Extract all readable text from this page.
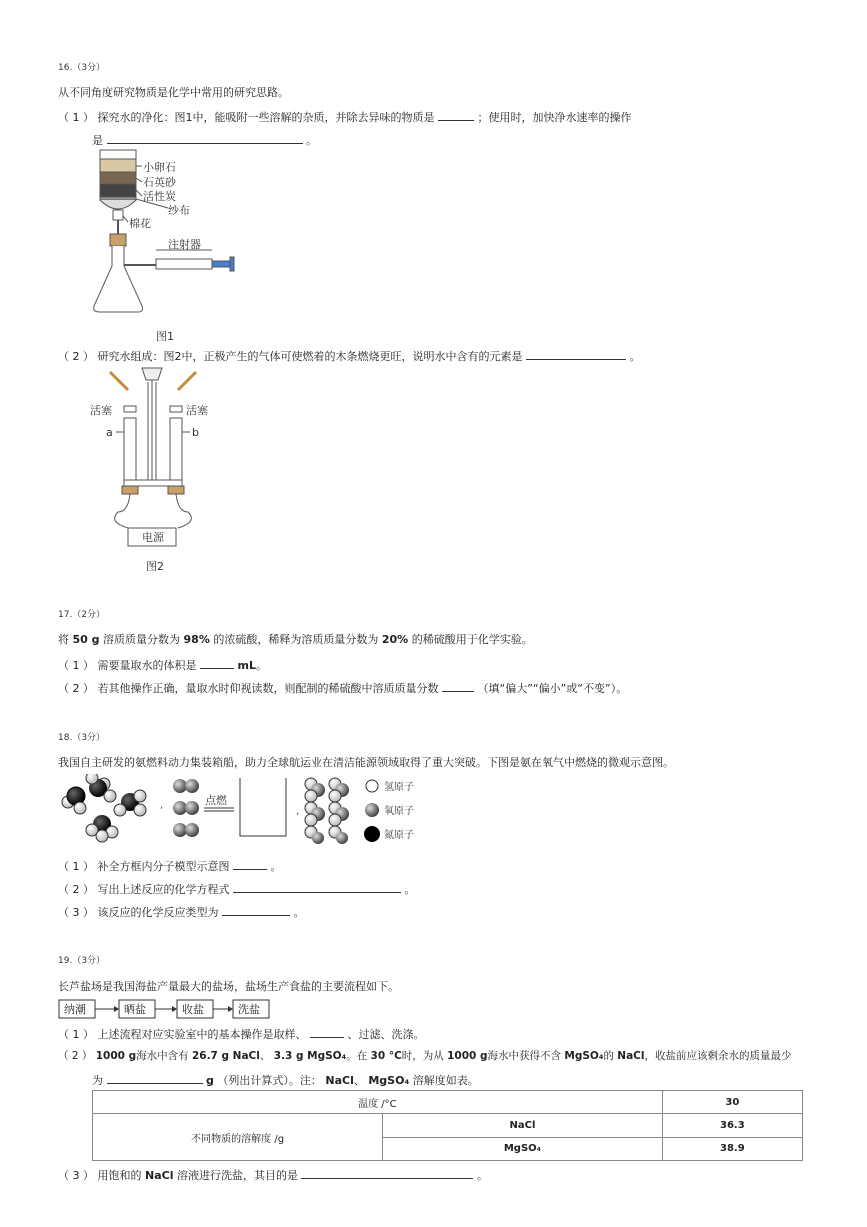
16.（3分）
从不同角度研究物质是化学中常用的研究思路。
（ 1 ） 探究水的净化：图1中，能吸附一些溶解的杂质，并除去异味的物质是	；使用时，加快净水速率的操作
是	。
小卵石
石英砂
活性炭
纱布
棉花
注射器
图1
（ 2 ） 研究水组成：图2中，正极产生的气体可使燃着的木条燃烧更旺，说明水中含有的元素是	。
活塞	活塞
a	b
电源
图2
17.（2分）
将 50 g 溶质质量分数为 98% 的浓硫酸，稀释为溶质质量分数为 20% 的稀硫酸用于化学实验。
（ 1 ） 需要量取水的体积是	mL。
（ 2 ） 若其他操作正确，量取水时仰视读数，则配制的稀硫酸中溶质质量分数	（填“偏大”“偏小”或“不变”）。
18.（3分）
我国自主研发的氨燃料动力集装箱船，助力全球航运业在清洁能源领域取得了重大突破。下图是氨在氧气中燃烧的微观示意图。
,	点燃
,
氢原子
氧原子
氮原子
（ 1 ） 补全方框内分子模型示意图	。
（ 2 ） 写出上述反应的化学方程式	。
（ 3 ） 该反应的化学反应类型为	。
19.（3分）
长芦盐场是我国海盐产量最大的盐场，盐场生产食盐的主要流程如下。
纳潮	晒盐	收盐	洗盐
（ 1 ） 上述流程对应实验室中的基本操作是取样、	、过滤、洗涤。
（ 2 ） 1000 g海水中含有 26.7 g NaCl、 3.3 g MgSO₄。在 30 °C时，为从 1000 g海水中获得不含 MgSO₄的 NaCl，收盐前应该剩余水的质量最少
为	g （列出计算式）。注： NaCl、 MgSO₄ 溶解度如表。
温度 /°C		30
不同物质的溶解度 /g	NaCl	36.3
	MgSO₄	38.9
（ 3 ） 用饱和的 NaCl 溶液进行洗盐，其目的是	。
